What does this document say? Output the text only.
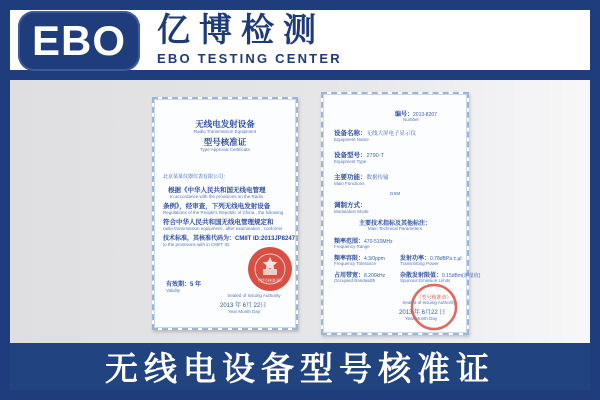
EBO 亿博检测
EBO TESTING CENTER
无线电发射设备
Radio Transmission Equipment
型号核准证
Type Approval Certificate
北京某某仪器仪表有限公司：
根据《中华人民共和国无线电管理
In accordance with the provisions on the Radio
条例》，经审查，下列无线电发射设备
Regulations of the People's Republic of China , the following
符合中华人民共和国无线电管理规定和
radio transmission equipment , after examination , conforms
技术标准，其核准代码为：CMIIT ID:2013JP8247
to the provisions with in CMIIT ID:
有效期：5 年
Validity
（型号核准章）
Sealed of Issuing Authority
2013 年 6月 22日
Year Month Day
编号：2013-8207
Number
设备名称：无线大屏电子显示仪
Equipment Name
设备型号：2790-T
Equipment Type
主要功能：数据传输
Main Functions
GSM
调制方式：
Modulation Mode
主要技术指标及其他标注：
Main Technical Parameters
频率范围：470-510MHz
Frequency Range
频率容限：4.3/0ppm
Frequency Tolerance
发射功率：0.78dBPa ±.μl
Transmitting Power
占用带宽：8.200kHz
Occupied Bandwidth
杂散发射限值：0.15dBm(测量值)
Spurious Emission Limits
（型号核准章）
Sealed of Issuing Authority
2013 年 6月22 日
Year Month Day
无线电设备型号核准证
